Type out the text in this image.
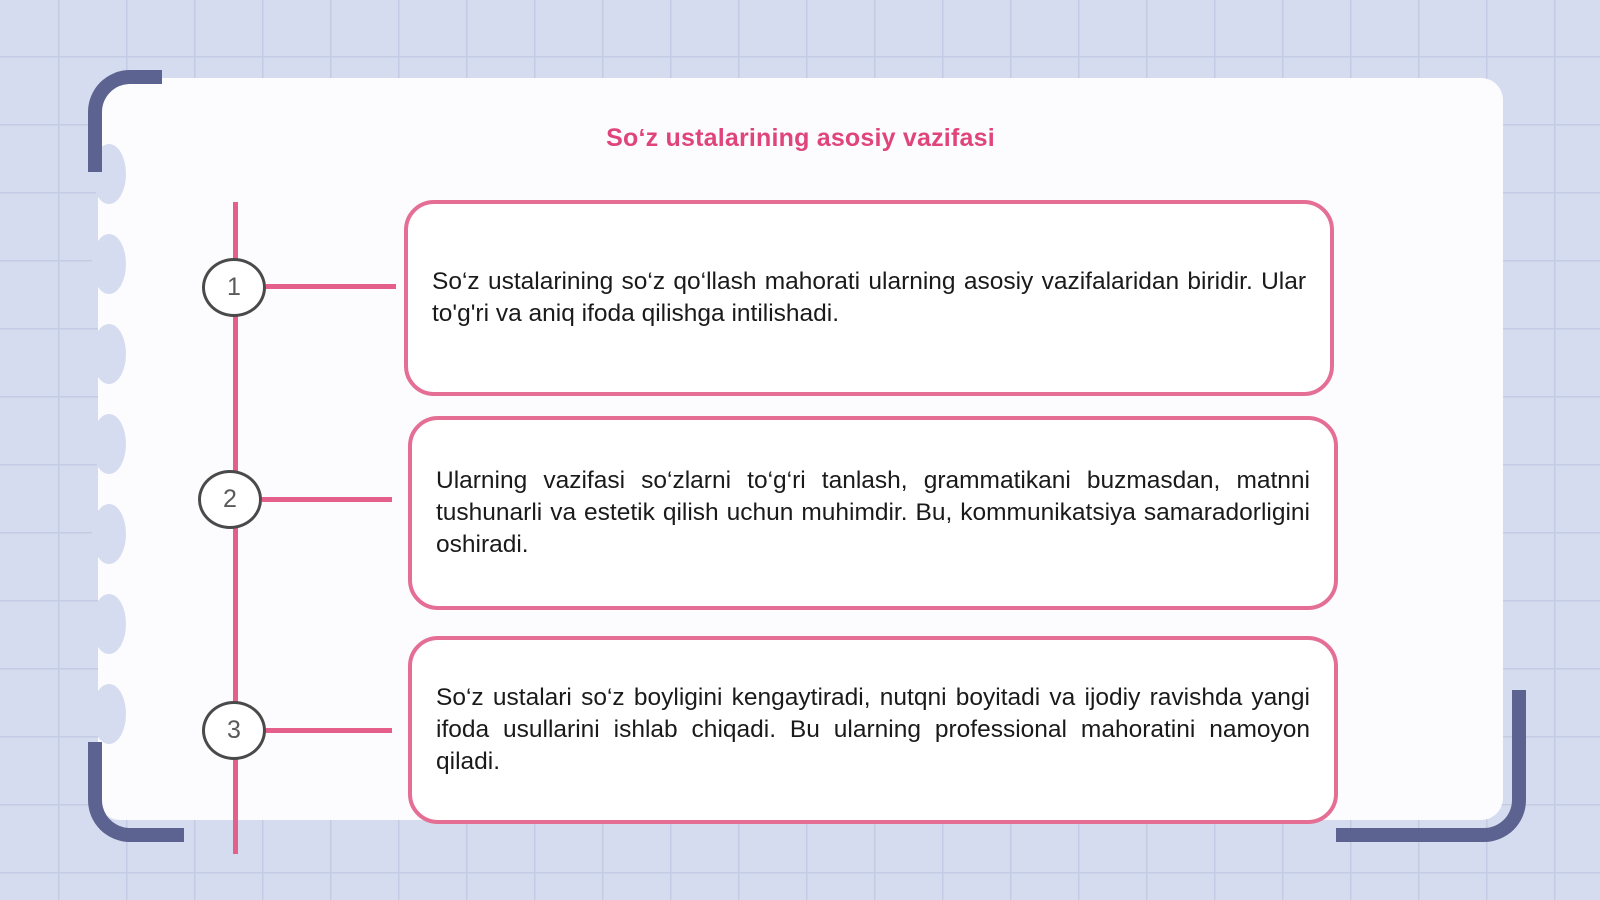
Soʻz ustalarining asosiy vazifasi
1	So‘z ustalarining so‘z qo‘llash mahorati ularning asosiy vazifalaridan biridir. Ular to'g'ri va aniq ifoda qilishga intilishadi.

2

Ularning vazifasi so‘zlarni to‘g‘ri tanlash, grammatikani buzmasdan, matnni tushunarli va estetik qilish uchun muhimdir. Bu, kommunikatsiya samaradorligini oshiradi.

3

So‘z ustalari so‘z boyligini kengaytiradi, nutqni boyitadi va ijodiy ravishda yangi ifoda usullarini ishlab chiqadi. Bu ularning professional mahoratini namoyon qiladi.
